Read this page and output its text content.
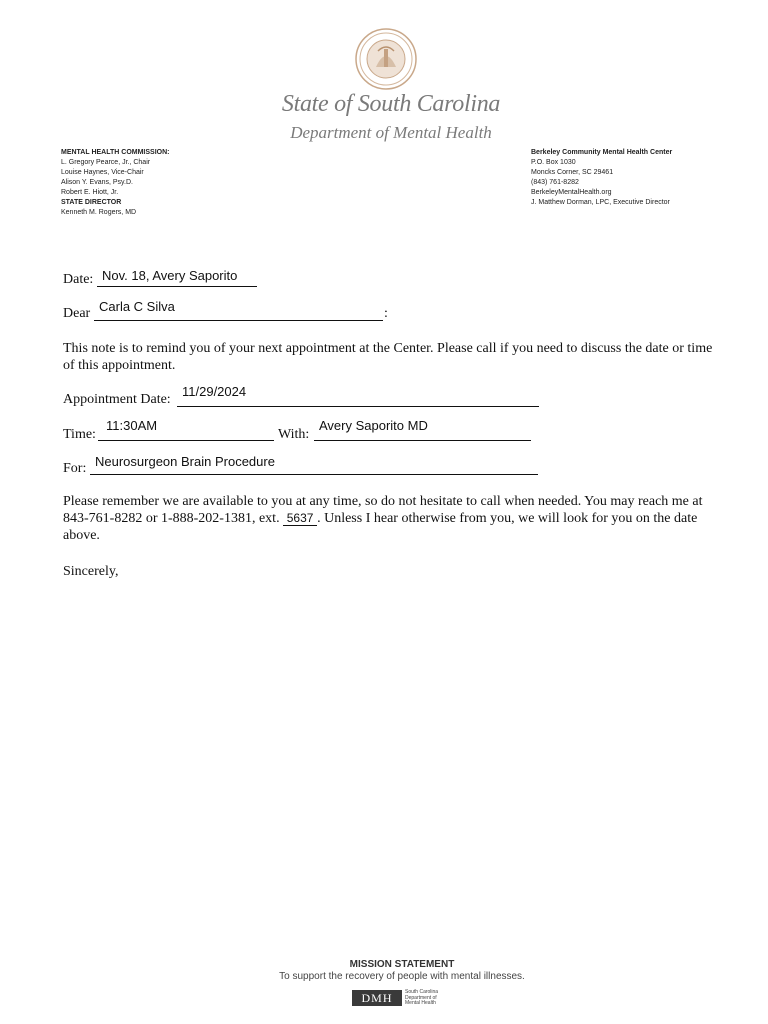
State of South Carolina
Department of Mental Health
MENTAL HEALTH COMMISSION:
L. Gregory Pearce, Jr., Chair
Louise Haynes, Vice-Chair
Alison Y. Evans, Psy.D.
Robert E. Hiott, Jr.
STATE DIRECTOR
Kenneth M. Rogers, MD
Berkeley Community Mental Health Center
P.O. Box 1030
Moncks Corner, SC 29461
(843) 761-8282
BerkeleyMentalHealth.org
J. Matthew Dorman, LPC, Executive Director
Date: Nov. 18, Avery Saporito
Dear Carla C Silva	:
This note is to remind you of your next appointment at the Center. Please call if you need to discuss the date or time of this appointment.
Appointment Date:
11/29/2024
Time:
11:30AM
With:
Avery Saporito MD
For: Neurosurgeon Brain Procedure
Please remember we are available to you at any time, so do not hesitate to call when needed. You may reach me at 843-761-8282 or 1-888-202-1381, ext. 5637 . Unless I hear otherwise from you, we will look for you on the date above.
Sincerely,
MISSION STATEMENT
To support the recovery of people with mental illnesses.
DMH	South Carolina
Department of
Mental Health
